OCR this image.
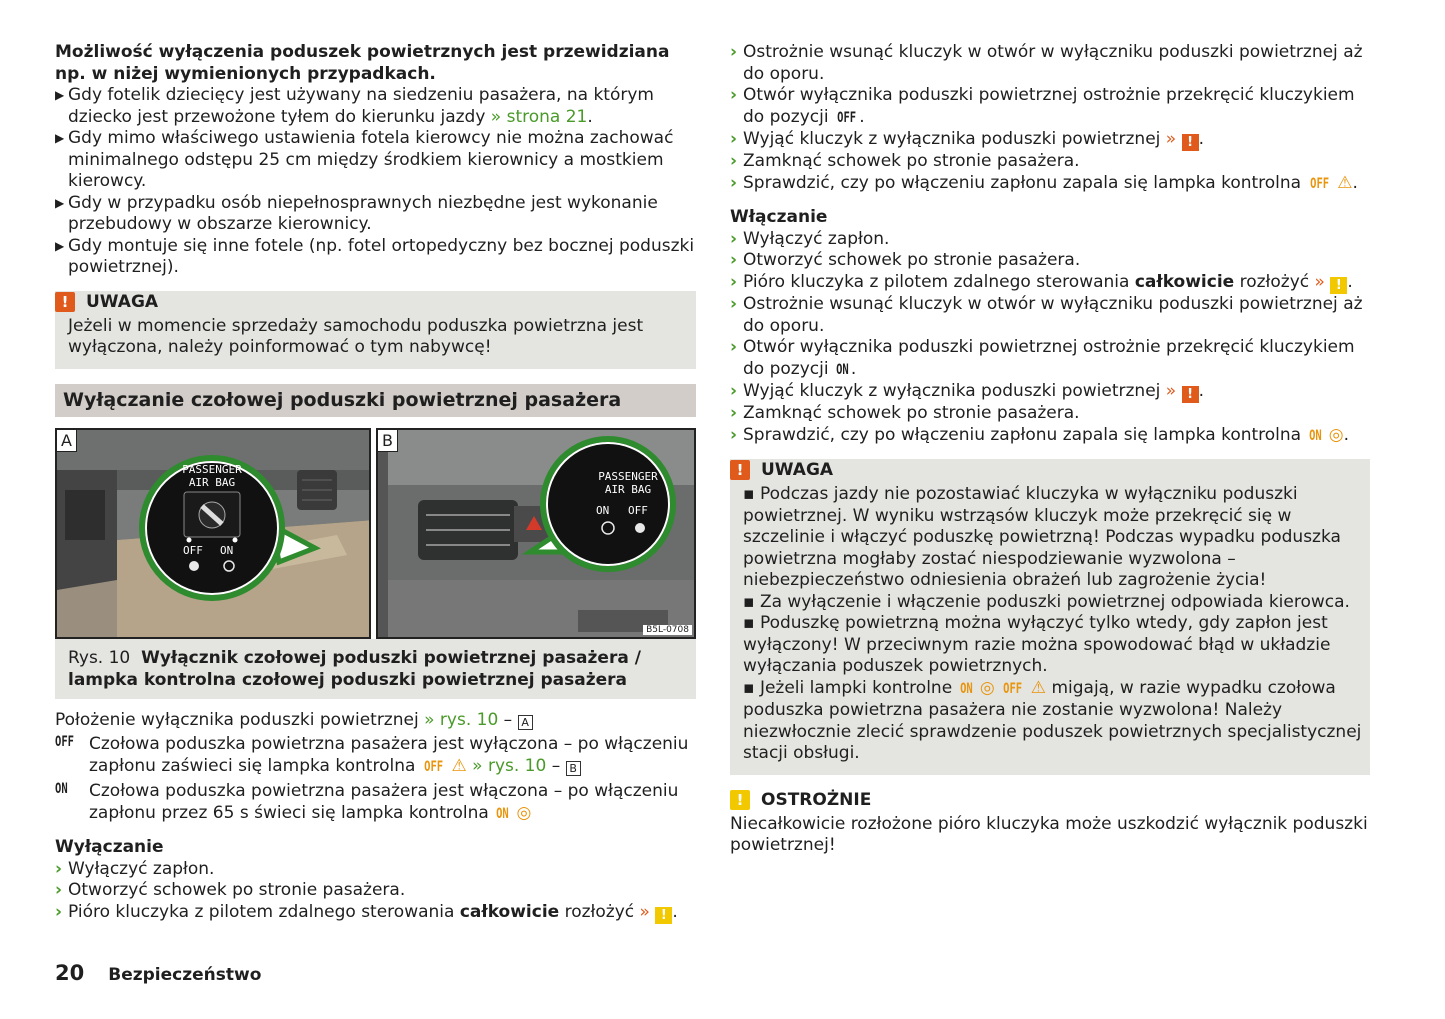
Możliwość wyłączenia poduszek powietrznych jest przewidziana np. w niżej wymienionych przypadkach.

▶ Gdy fotelik dziecięcy jest używany na siedzeniu pasażera, na którym dziecko jest przewożone tyłem do kierunku jazdy » strona 21.
▶ Gdy mimo właściwego ustawienia fotela kierowcy nie można zachować minimalnego odstępu 25 cm między środkiem kierownicy a mostkiem kierowcy.
▶ Gdy w przypadku osób niepełnosprawnych niezbędne jest wykonanie przebudowy w obszarze kierownicy.
▶ Gdy montuje się inne fotele (np. fotel ortopedyczny bez bocznej poduszki powietrznej).
!	UWAGA

Jeżeli w momencie sprzedaży samochodu poduszka powietrzna jest wyłączona, należy poinformować o tym nabywcę!

Wyłączanie czołowej poduszki powietrznej pasażera
A
PASSENGER
AIR BAG
OFF ON
B
PASSENGER
AIR BAG
ON OFF
B5L-0708
Rys. 10 Wyłącznik czołowej poduszki powietrznej pasażera / lampka kontrolna czołowej poduszki powietrznej pasażera

Położenie wyłącznika poduszki powietrznej » rys. 10 – A

OFF Czołowa poduszka powietrzna pasażera jest wyłączona – po włączeniu zapłonu zaświeci się lampka kontrolna OFF ⚠ » rys. 10 – B

ON	Czołowa poduszka powietrzna pasażera jest włączona – po włączeniu zapłonu przez 65 s świeci się lampka kontrolna ON ◎

Wyłączanie

› Wyłączyć zapłon.
› Otworzyć schowek po stronie pasażera.
› Pióro kluczyka z pilotem zdalnego sterowania całkowicie rozłożyć » ! .
› Ostrożnie wsunąć kluczyk w otwór w wyłączniku poduszki powietrznej aż do oporu.
› Otwór wyłącznika poduszki powietrznej ostrożnie przekręcić kluczykiem do pozycji OFF .
› Wyjąć kluczyk z wyłącznika poduszki powietrznej » ! .
› Zamknąć schowek po stronie pasażera.
› Sprawdzić, czy po włączeniu zapłonu zapala się lampka kontrolna OFF ⚠.

Włączanie

› Wyłączyć zapłon.
› Otworzyć schowek po stronie pasażera.
› Pióro kluczyka z pilotem zdalnego sterowania całkowicie rozłożyć » ! .
› Ostrożnie wsunąć kluczyk w otwór w wyłączniku poduszki powietrznej aż do oporu.
› Otwór wyłącznika poduszki powietrznej ostrożnie przekręcić kluczykiem do pozycji ON .
› Wyjąć kluczyk z wyłącznika poduszki powietrznej » ! .
› Zamknąć schowek po stronie pasażera.
› Sprawdzić, czy po włączeniu zapłonu zapala się lampka kontrolna ON ◎.
!	UWAGA

▪ Podczas jazdy nie pozostawiać kluczyka w wyłączniku poduszki powietrznej. W wyniku wstrząsów kluczyk może przekręcić się w szczelinie i włączyć poduszkę powietrzną! Podczas wypadku poduszka powietrzna mogłaby zostać niespodziewanie wyzwolona – niebezpieczeństwo odniesienia obrażeń lub zagrożenie życia!

▪ Za wyłączenie i włączenie poduszki powietrznej odpowiada kierowca.

▪ Poduszkę powietrzną można wyłączyć tylko wtedy, gdy zapłon jest wyłączony! W przeciwnym razie można spowodować błąd w układzie wyłączania poduszek powietrznych.

▪ Jeżeli lampki kontrolne ON ◎ OFF ⚠ migają, w razie wypadku czołowa poduszka powietrzna pasażera nie zostanie wyzwolona! Należy niezwłocznie zlecić sprawdzenie poduszek powietrznych specjalistycznej stacji obsługi.

!	OSTROŻNIE

Niecałkowicie rozłożone pióro kluczyka może uszkodzić wyłącznik poduszki powietrznej!

20 Bezpieczeństwo
